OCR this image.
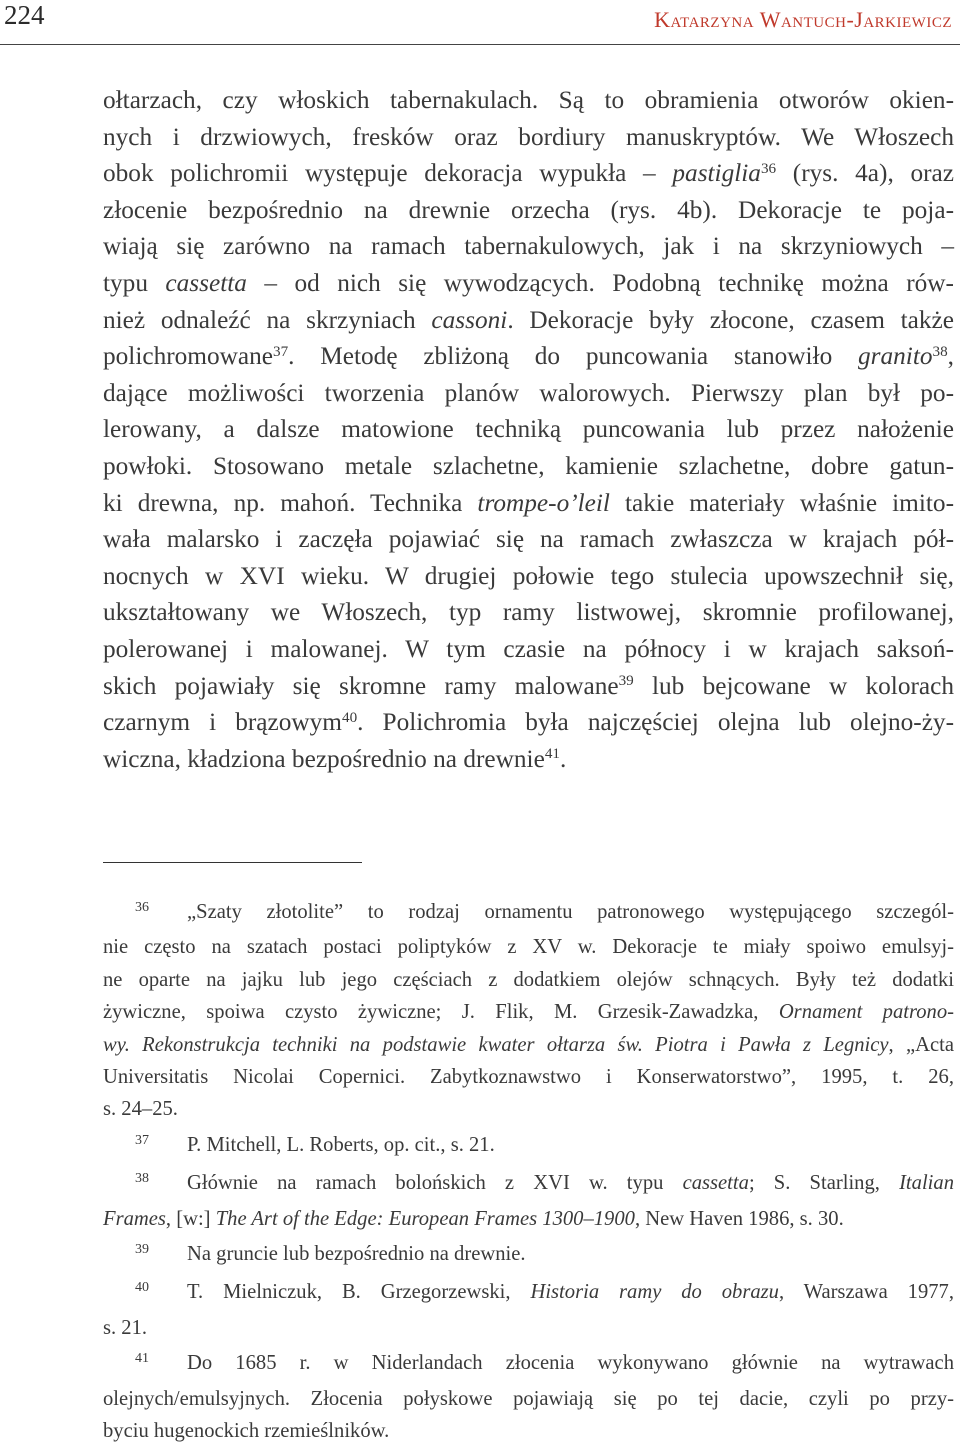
224	Katarzyna Wantuch-Jarkiewicz
ołtarzach, czy włoskich tabernakulach. Są to obramienia otworów okien-
nych i drzwiowych, fresków oraz bordiury manuskryptów. We Włoszech
obok polichromii występuje dekoracja wypukła – pastiglia$^{36}$ (rys. 4a), oraz
złocenie bezpośrednio na drewnie orzecha (rys. 4b). Dekoracje te poja-
wiają się zarówno na ramach tabernakulowych, jak i na skrzyniowych –
typu cassetta – od nich się wywodzących. Podobną technikę można rów-
nież odnaleźć na skrzyniach cassoni. Dekoracje były złocone, czasem także
polichromowane$^{37}$. Metodę zbliżoną do puncowania stanowiło granito$^{38}$,
dające możliwości tworzenia planów walorowych. Pierwszy plan był po-
lerowany, a dalsze matowione techniką puncowania lub przez nałożenie
powłoki. Stosowano metale szlachetne, kamienie szlachetne, dobre gatun-
ki drewna, np. mahoń. Technika trompe-o’leil takie materiały właśnie imito-
wała malarsko i zaczęła pojawiać się na ramach zwłaszcza w krajach pół-
nocnych w XVI wieku. W drugiej połowie tego stulecia upowszechnił się,
ukształtowany we Włoszech, typ ramy listwowej, skromnie profilowanej,
polerowanej i malowanej. W tym czasie na północy i w krajach saksoń-
skich pojawiały się skromne ramy malowane$^{39}$ lub bejcowane w kolorach
czarnym i brązowym$^{40}$. Polichromia była najczęściej olejna lub olejno-ży-
wiczna, kładziona bezpośrednio na drewnie$^{41}$.
36 „Szaty złotolite” to rodzaj ornamentu patronowego występującego szczegól-
nie często na szatach postaci poliptyków z XV w. Dekoracje te miały spoiwo emulsyj-
ne oparte na jajku lub jego częściach z dodatkiem olejów schnących. Były też dodatki
żywiczne, spoiwa czysto żywiczne; J. Flik, M. Grzesik-Zawadzka, Ornament patrono-
wy. Rekonstrukcja techniki na podstawie kwater ołtarza św. Piotra i Pawła z Legnicy, „Acta
Universitatis Nicolai Copernici. Zabytkoznawstwo i Konserwatorstwo”, 1995, t. 26,
s. 24–25.
37 P. Mitchell, L. Roberts, op. cit., s. 21.
38 Głównie na ramach bolońskich z XVI w. typu cassetta; S. Starling, Italian
Frames, [w:] The Art of the Edge: European Frames 1300–1900, New Haven 1986, s. 30.
39 Na gruncie lub bezpośrednio na drewnie.
40 T. Mielniczuk, B. Grzegorzewski, Historia ramy do obrazu, Warszawa 1977,
s. 21.
41 Do 1685 r. w Niderlandach złocenia wykonywano głównie na wytrawach
olejnych/emulsyjnych. Złocenia połyskowe pojawiają się po tej dacie, czyli po przy-
byciu hugenockich rzemieślników.
